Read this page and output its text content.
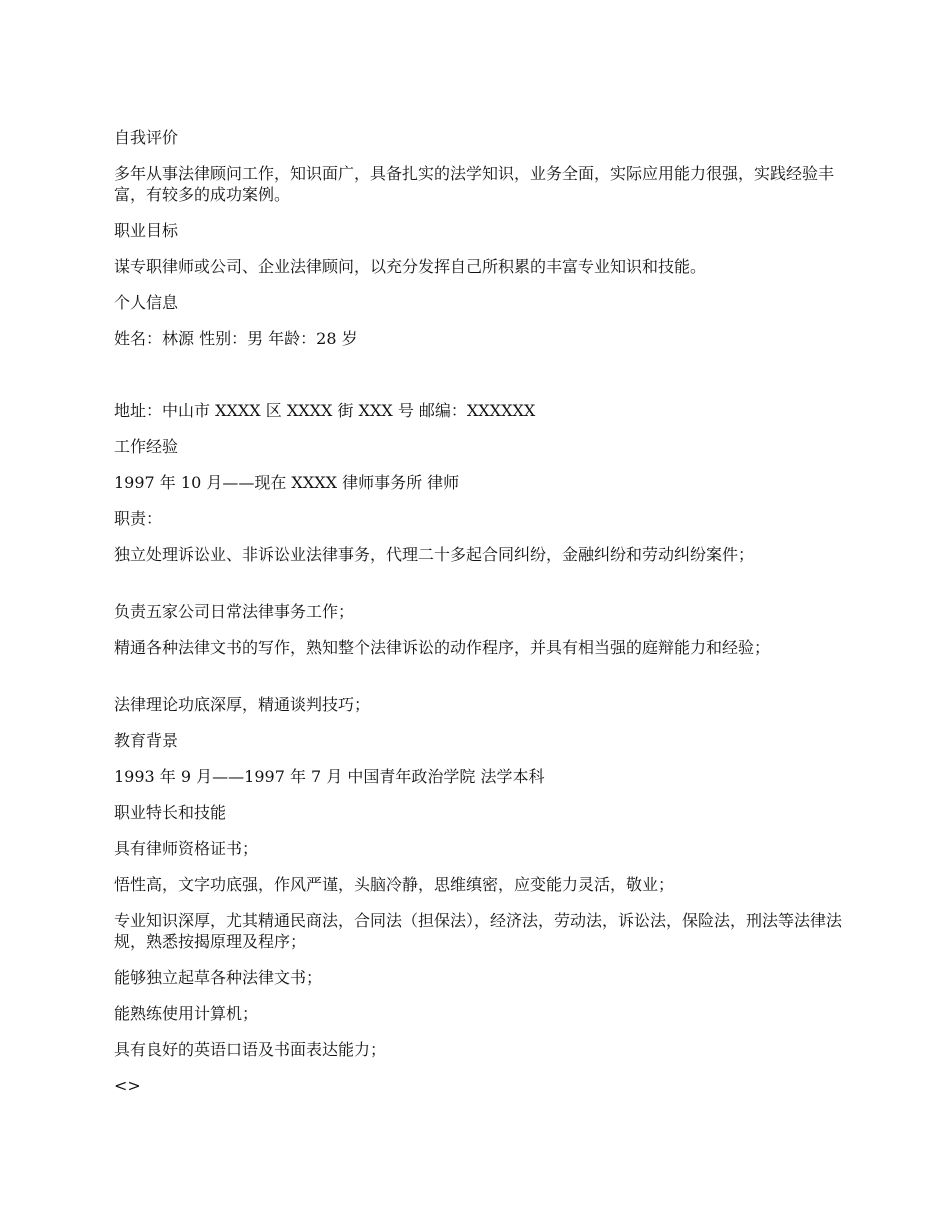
自我评价
多年从事法律顾问工作，知识面广，具备扎实的法学知识，业务全面，实际应用能力很强，实践经验丰富，有较多的成功案例。
职业目标
谋专职律师或公司、企业法律顾问，以充分发挥自己所积累的丰富专业知识和技能。
个人信息
姓名：林源 性别：男 年龄：28 岁
地址：中山市 XXXX 区 XXXX 街 XXX 号 邮编：XXXXXX
工作经验
1997 年 10 月——现在 XXXX 律师事务所 律师
职责：
独立处理诉讼业、非诉讼业法律事务，代理二十多起合同纠纷，金融纠纷和劳动纠纷案件；
负责五家公司日常法律事务工作；
精通各种法律文书的写作，熟知整个法律诉讼的动作程序，并具有相当强的庭辩能力和经验；
法律理论功底深厚，精通谈判技巧；
教育背景
1993 年 9 月——1997 年 7 月 中国青年政治学院 法学本科
职业特长和技能
具有律师资格证书；
悟性高，文字功底强，作风严谨，头脑冷静，思维缜密，应变能力灵活，敬业；
专业知识深厚，尤其精通民商法，合同法（担保法），经济法，劳动法，诉讼法，保险法，刑法等法律法规，熟悉按揭原理及程序；
能够独立起草各种法律文书；
能熟练使用计算机；
具有良好的英语口语及书面表达能力；
<>
